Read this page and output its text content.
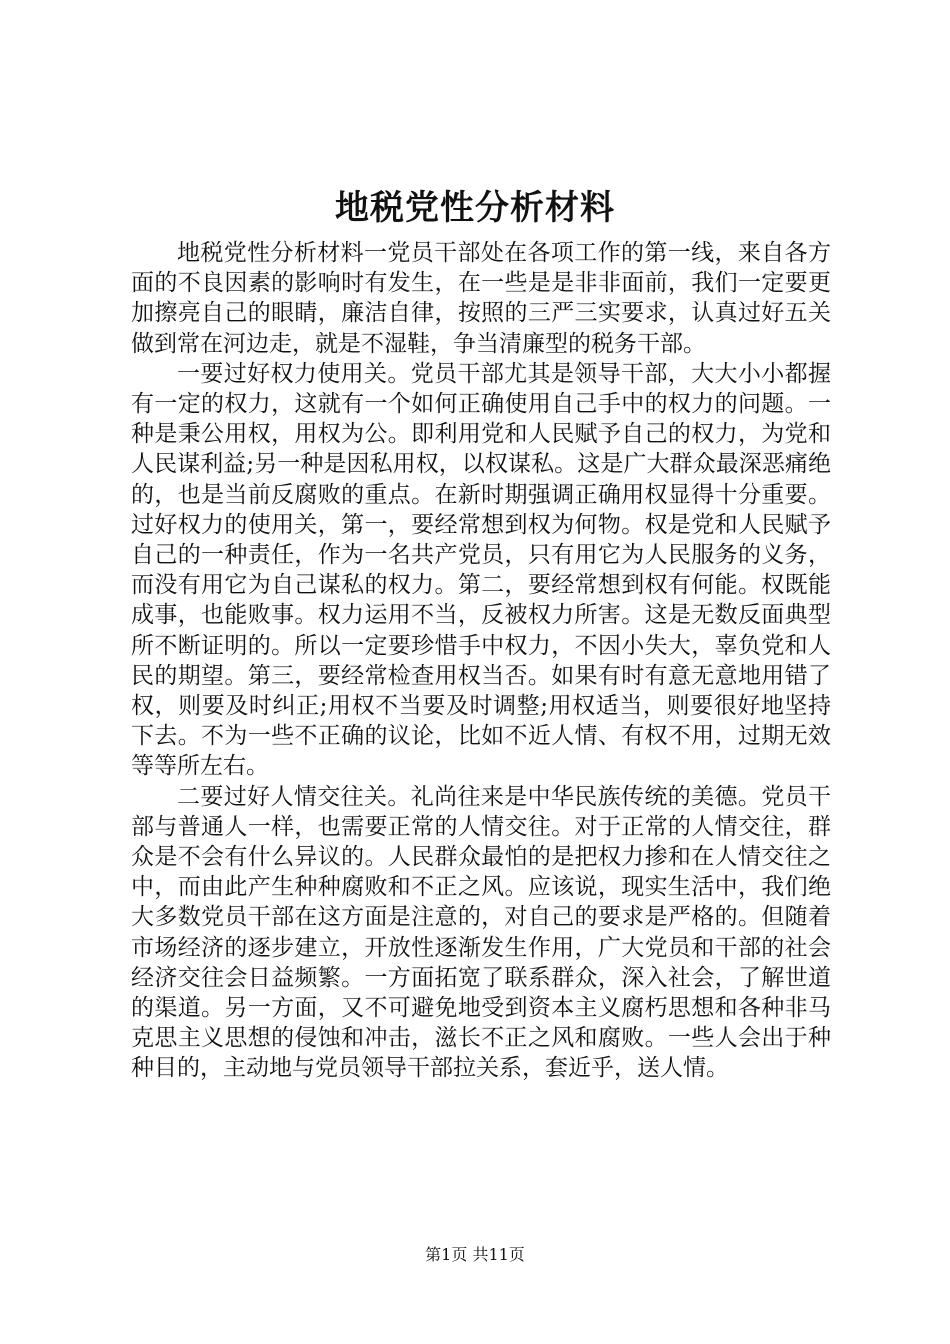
地税党性分析材料

地税党性分析材料一党员干部处在各项工作的第一线，来自各方面的不良因素的影响时有发生，在一些是是非非面前，我们一定要更加擦亮自己的眼睛，廉洁自律，按照的三严三实要求，认真过好五关做到常在河边走，就是不湿鞋，争当清廉型的税务干部。

一要过好权力使用关。党员干部尤其是领导干部，大大小小都握有一定的权力，这就有一个如何正确使用自己手中的权力的问题。一种是秉公用权，用权为公。即利用党和人民赋予自己的权力，为党和人民谋利益;另一种是因私用权，以权谋私。这是广大群众最深恶痛绝的，也是当前反腐败的重点。在新时期强调正确用权显得十分重要。过好权力的使用关，第一，要经常想到权为何物。权是党和人民赋予自己的一种责任，作为一名共产党员，只有用它为人民服务的义务，而没有用它为自己谋私的权力。第二，要经常想到权有何能。权既能成事，也能败事。权力运用不当，反被权力所害。这是无数反面典型所不断证明的。所以一定要珍惜手中权力，不因小失大，辜负党和人民的期望。第三，要经常检查用权当否。如果有时有意无意地用错了权，则要及时纠正;用权不当要及时调整;用权适当，则要很好地坚持下去。不为一些不正确的议论，比如不近人情、有权不用，过期无效等等所左右。

二要过好人情交往关。礼尚往来是中华民族传统的美德。党员干部与普通人一样，也需要正常的人情交往。对于正常的人情交往，群众是不会有什么异议的。人民群众最怕的是把权力掺和在人情交往之中，而由此产生种种腐败和不正之风。应该说，现实生活中，我们绝大多数党员干部在这方面是注意的，对自己的要求是严格的。但随着市场经济的逐步建立，开放性逐渐发生作用，广大党员和干部的社会经济交往会日益频繁。一方面拓宽了联系群众，深入社会，了解世道的渠道。另一方面，又不可避免地受到资本主义腐朽思想和各种非马克思主义思想的侵蚀和冲击，滋长不正之风和腐败。一些人会出于种种目的，主动地与党员领导干部拉关系，套近乎，送人情。

第1页 共11页
